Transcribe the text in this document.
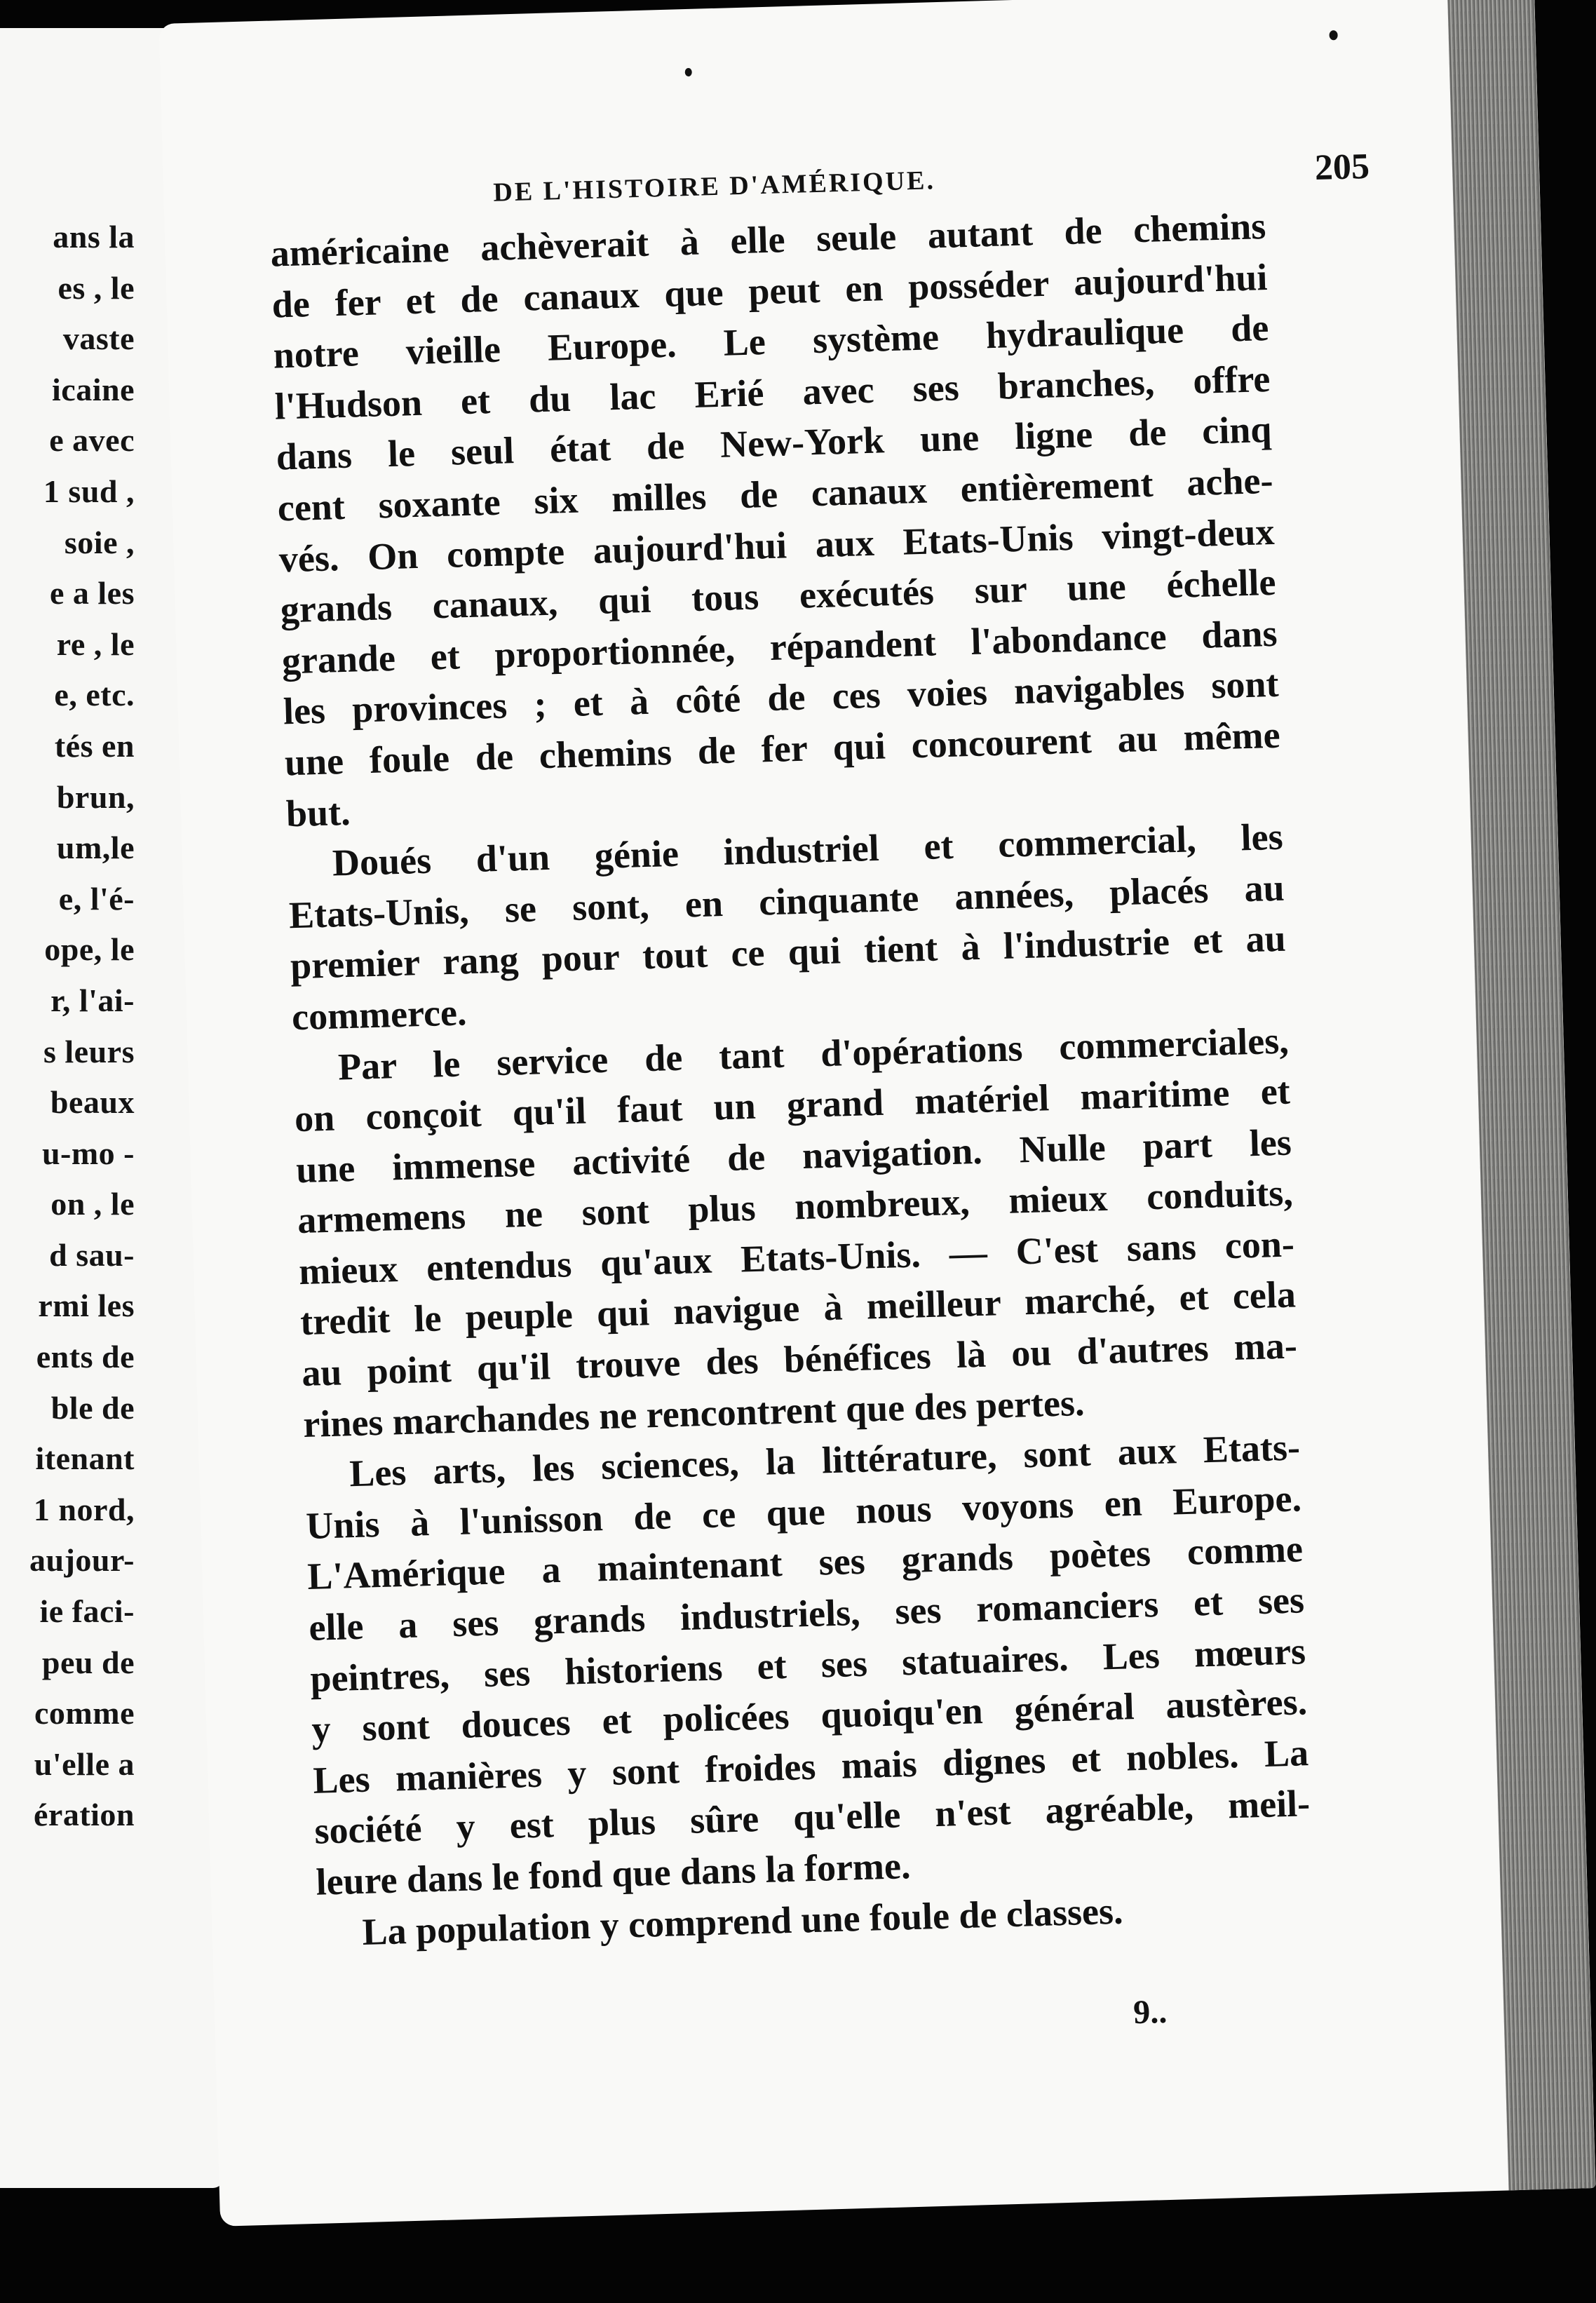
ans la
es , le
vaste
icaine
e avec
1 sud ,
soie ,
e a les
re , le
e, etc.
tés en
brun,
um,le
e, l'é-
ope, le
r, l'ai-
s leurs
beaux
u-mo -
on , le
d sau-
rmi les
ents de
ble de
itenant
1 nord,
aujour-
ie faci-
peu de
comme
u'elle a
ération
DE L'HISTOIRE D'AMÉRIQUE.	205
américaine achèverait à elle seule autant de chemins
de fer et de canaux que peut en posséder aujourd'hui
notre vieille Europe. Le système hydraulique de
l'Hudson et du lac Erié avec ses branches, offre
dans le seul état de New-York une ligne de cinq
cent soxante six milles de canaux entièrement ache-
vés. On compte aujourd'hui aux Etats-Unis vingt-deux
grands canaux, qui tous exécutés sur une échelle
grande et proportionnée, répandent l'abondance dans
les provinces ; et à côté de ces voies navigables sont
une foule de chemins de fer qui concourent au même
but.
Doués d'un génie industriel et commercial, les
Etats-Unis, se sont, en cinquante années, placés au
premier rang pour tout ce qui tient à l'industrie et au
commerce.
Par le service de tant d'opérations commerciales,
on conçoit qu'il faut un grand matériel maritime et
une immense activité de navigation. Nulle part les
armemens ne sont plus nombreux, mieux conduits,
mieux entendus qu'aux Etats-Unis. — C'est sans con-
tredit le peuple qui navigue à meilleur marché, et cela
au point qu'il trouve des bénéfices là ou d'autres ma-
rines marchandes ne rencontrent que des pertes.
Les arts, les sciences, la littérature, sont aux Etats-
Unis à l'unisson de ce que nous voyons en Europe.
L'Amérique a maintenant ses grands poètes comme
elle a ses grands industriels, ses romanciers et ses
peintres, ses historiens et ses statuaires. Les mœurs
y sont douces et policées quoiqu'en général austères.
Les manières y sont froides mais dignes et nobles. La
société y est plus sûre qu'elle n'est agréable, meil-
leure dans le fond que dans la forme.
La population y comprend une foule de classes.
9..
